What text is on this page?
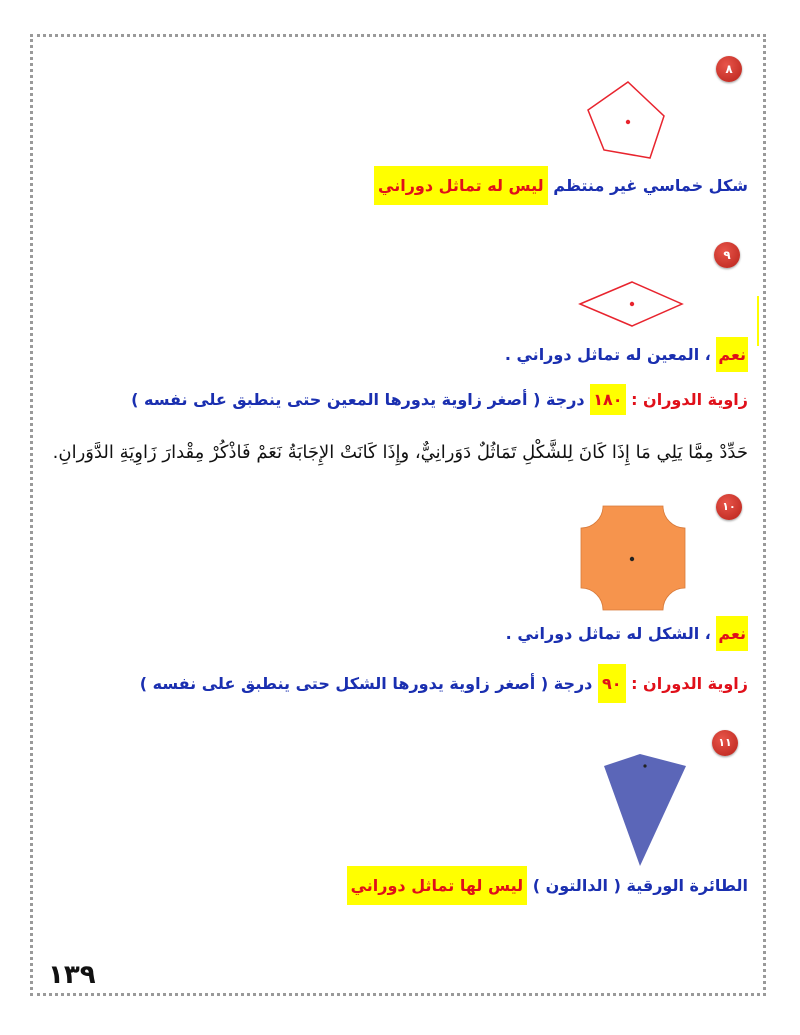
٨
شكل خماسي غير منتظم ليس له تماثل دوراني
٩
نعم ، المعين له تماثل دوراني .
زاوية الدوران : ١٨٠ درجة ( أصغر زاوية يدورها المعين حتى ينطبق على نفسه )
حَدِّدْ مِمَّا يَلِي مَا إِذَا كَانَ لِلشَّكْلِ تَمَاثُلٌ دَوَرانِيٌّ، وإِذَا كَانَتْ الإِجَابَةُ نَعَمْ فَاذْكُرْ مِقْدارَ زَاوِيَةِ الدَّوَرانِ.
١٠
نعم ، الشكل له تماثل دوراني .
زاوية الدوران : ٩٠ درجة ( أصغر زاوية يدورها الشكل حتى ينطبق على نفسه )
١١
الطائرة الورقية ( الدالتون ) ليس لها تماثل دوراني
١٣٩
